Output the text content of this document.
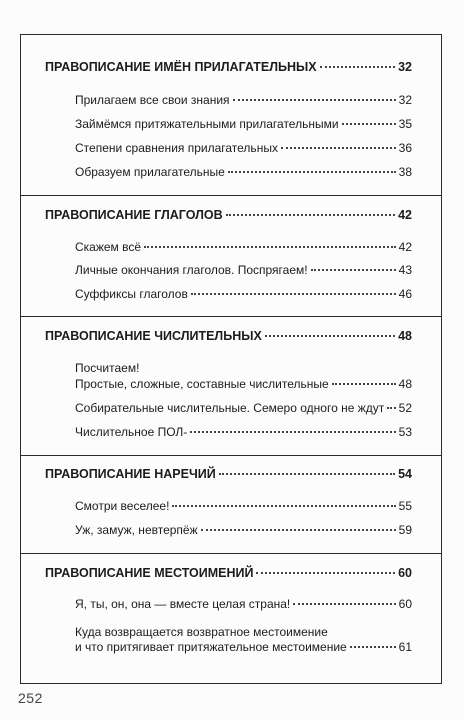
ПРАВОПИСАНИЕ ИМЁН ПРИЛАГАТЕЛЬНЫХ	32
Прилагаем все свои знания	32
Займёмся притяжательными прилагательными	35
Степени сравнения прилагательных	36
Образуем прилагательные	38
ПРАВОПИСАНИЕ ГЛАГОЛОВ	42
Скажем всё	42
Личные окончания глаголов. Поспрягаем!	43
Суффиксы глаголов	46
ПРАВОПИСАНИЕ ЧИСЛИТЕЛЬНЫХ	48
Посчитаем!
Простые, сложные, составные числительные	48
Собирательные числительные. Семеро одного не ждут 52
Числительное ПОЛ-	53
ПРАВОПИСАНИЕ НАРЕЧИЙ	54
Смотри веселее!	55
Уж, замуж, невтерпёж	59
ПРАВОПИСАНИЕ МЕСТОИМЕНИЙ	60
Я, ты, он, она — вместе целая страна!	60
Куда возвращается возвратное местоимение
и что притягивает притяжательное местоимение	61
252
